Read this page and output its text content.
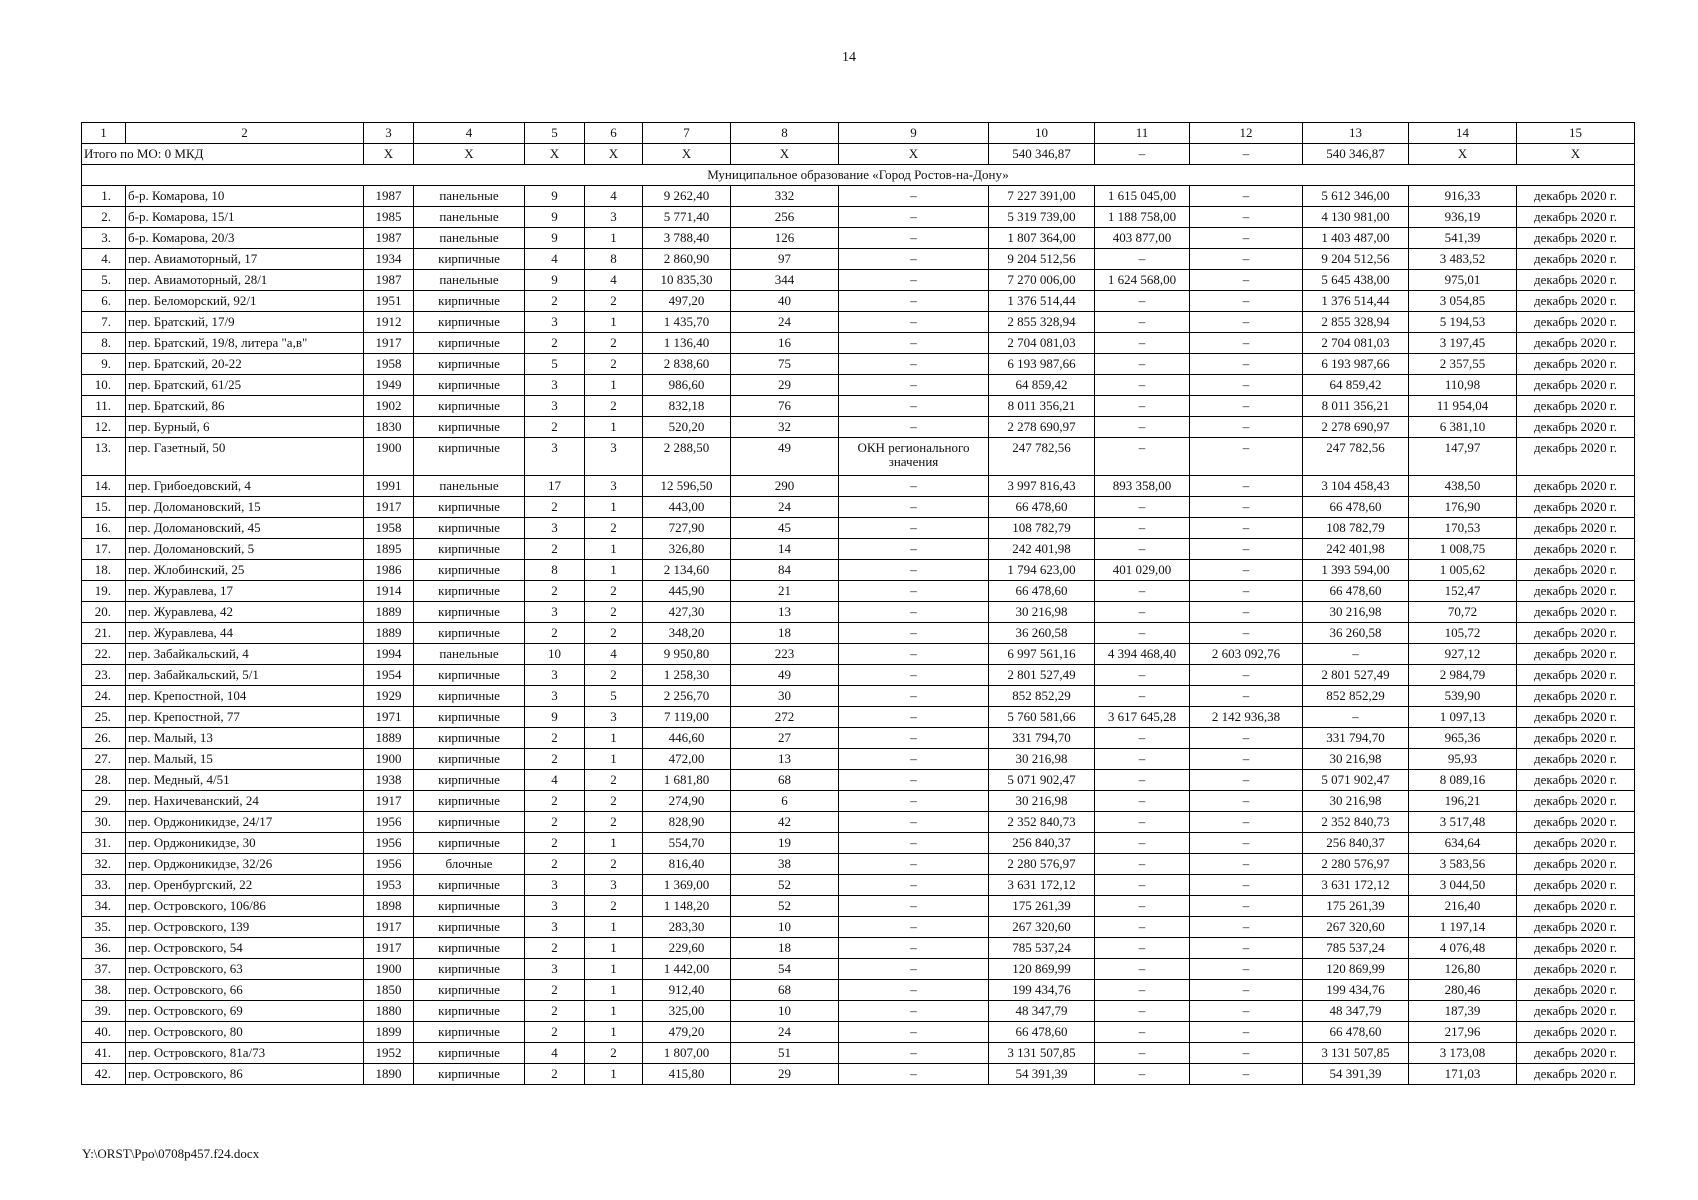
14
1	2	3	4	5	6	7	8	9	10	11	12	13	14	15
Итого по МО: 0 МКД		Х	Х	Х	Х	Х	Х	Х	540 346,87	–	–	540 346,87	Х	Х
Муниципальное образование «Город Ростов-на-Дону»														
1.	б-р. Комарова, 10	1987	панельные	9	4	9 262,40	332	–	7 227 391,00	1 615 045,00	–	5 612 346,00	916,33	декабрь 2020 г.
2.	б-р. Комарова, 15/1	1985	панельные	9	3	5 771,40	256	–	5 319 739,00	1 188 758,00	–	4 130 981,00	936,19	декабрь 2020 г.
3.	б-р. Комарова, 20/3	1987	панельные	9	1	3 788,40	126	–	1 807 364,00	403 877,00	–	1 403 487,00	541,39	декабрь 2020 г.
4.	пер. Авиамоторный, 17	1934	кирпичные	4	8	2 860,90	97	–	9 204 512,56	–	–	9 204 512,56	3 483,52	декабрь 2020 г.
5.	пер. Авиамоторный, 28/1	1987	панельные	9	4	10 835,30	344	–	7 270 006,00	1 624 568,00	–	5 645 438,00	975,01	декабрь 2020 г.
6.	пер. Беломорский, 92/1	1951	кирпичные	2	2	497,20	40	–	1 376 514,44	–	–	1 376 514,44	3 054,85	декабрь 2020 г.
7.	пер. Братский, 17/9	1912	кирпичные	3	1	1 435,70	24	–	2 855 328,94	–	–	2 855 328,94	5 194,53	декабрь 2020 г.
8.	пер. Братский, 19/8, литера "а,в"	1917	кирпичные	2	2	1 136,40	16	–	2 704 081,03	–	–	2 704 081,03	3 197,45	декабрь 2020 г.
9.	пер. Братский, 20-22	1958	кирпичные	5	2	2 838,60	75	–	6 193 987,66	–	–	6 193 987,66	2 357,55	декабрь 2020 г.
10.	пер. Братский, 61/25	1949	кирпичные	3	1	986,60	29	–	64 859,42	–	–	64 859,42	110,98	декабрь 2020 г.
11.	пер. Братский, 86	1902	кирпичные	3	2	832,18	76	–	8 011 356,21	–	–	8 011 356,21	11 954,04	декабрь 2020 г.
12.	пер. Бурный, 6	1830	кирпичные	2	1	520,20	32	–	2 278 690,97	–	–	2 278 690,97	6 381,10	декабрь 2020 г.
13.	пер. Газетный, 50	1900	кирпичные	3	3	2 288,50	49	ОКН регионального значения	247 782,56	–	–	247 782,56	147,97	декабрь 2020 г.
14.	пер. Грибоедовский, 4	1991	панельные	17	3	12 596,50	290	–	3 997 816,43	893 358,00	–	3 104 458,43	438,50	декабрь 2020 г.
15.	пер. Доломановский, 15	1917	кирпичные	2	1	443,00	24	–	66 478,60	–	–	66 478,60	176,90	декабрь 2020 г.
16.	пер. Доломановский, 45	1958	кирпичные	3	2	727,90	45	–	108 782,79	–	–	108 782,79	170,53	декабрь 2020 г.
17.	пер. Доломановский, 5	1895	кирпичные	2	1	326,80	14	–	242 401,98	–	–	242 401,98	1 008,75	декабрь 2020 г.
18.	пер. Жлобинский, 25	1986	кирпичные	8	1	2 134,60	84	–	1 794 623,00	401 029,00	–	1 393 594,00	1 005,62	декабрь 2020 г.
19.	пер. Журавлева, 17	1914	кирпичные	2	2	445,90	21	–	66 478,60	–	–	66 478,60	152,47	декабрь 2020 г.
20.	пер. Журавлева, 42	1889	кирпичные	3	2	427,30	13	–	30 216,98	–	–	30 216,98	70,72	декабрь 2020 г.
21.	пер. Журавлева, 44	1889	кирпичные	2	2	348,20	18	–	36 260,58	–	–	36 260,58	105,72	декабрь 2020 г.
22.	пер. Забайкальский, 4	1994	панельные	10	4	9 950,80	223	–	6 997 561,16	4 394 468,40	2 603 092,76	–	927,12	декабрь 2020 г.
23.	пер. Забайкальский, 5/1	1954	кирпичные	3	2	1 258,30	49	–	2 801 527,49	–	–	2 801 527,49	2 984,79	декабрь 2020 г.
24.	пер. Крепостной, 104	1929	кирпичные	3	5	2 256,70	30	–	852 852,29	–	–	852 852,29	539,90	декабрь 2020 г.
25.	пер. Крепостной, 77	1971	кирпичные	9	3	7 119,00	272	–	5 760 581,66	3 617 645,28	2 142 936,38	–	1 097,13	декабрь 2020 г.
26.	пер. Малый, 13	1889	кирпичные	2	1	446,60	27	–	331 794,70	–	–	331 794,70	965,36	декабрь 2020 г.
27.	пер. Малый, 15	1900	кирпичные	2	1	472,00	13	–	30 216,98	–	–	30 216,98	95,93	декабрь 2020 г.
28.	пер. Медный, 4/51	1938	кирпичные	4	2	1 681,80	68	–	5 071 902,47	–	–	5 071 902,47	8 089,16	декабрь 2020 г.
29.	пер. Нахичеванский, 24	1917	кирпичные	2	2	274,90	6	–	30 216,98	–	–	30 216,98	196,21	декабрь 2020 г.
30.	пер. Орджоникидзе, 24/17	1956	кирпичные	2	2	828,90	42	–	2 352 840,73	–	–	2 352 840,73	3 517,48	декабрь 2020 г.
31.	пер. Орджоникидзе, 30	1956	кирпичные	2	1	554,70	19	–	256 840,37	–	–	256 840,37	634,64	декабрь 2020 г.
32.	пер. Орджоникидзе, 32/26	1956	блочные	2	2	816,40	38	–	2 280 576,97	–	–	2 280 576,97	3 583,56	декабрь 2020 г.
33.	пер. Оренбургский, 22	1953	кирпичные	3	3	1 369,00	52	–	3 631 172,12	–	–	3 631 172,12	3 044,50	декабрь 2020 г.
34.	пер. Островского, 106/86	1898	кирпичные	3	2	1 148,20	52	–	175 261,39	–	–	175 261,39	216,40	декабрь 2020 г.
35.	пер. Островского, 139	1917	кирпичные	3	1	283,30	10	–	267 320,60	–	–	267 320,60	1 197,14	декабрь 2020 г.
36.	пер. Островского, 54	1917	кирпичные	2	1	229,60	18	–	785 537,24	–	–	785 537,24	4 076,48	декабрь 2020 г.
37.	пер. Островского, 63	1900	кирпичные	3	1	1 442,00	54	–	120 869,99	–	–	120 869,99	126,80	декабрь 2020 г.
38.	пер. Островского, 66	1850	кирпичные	2	1	912,40	68	–	199 434,76	–	–	199 434,76	280,46	декабрь 2020 г.
39.	пер. Островского, 69	1880	кирпичные	2	1	325,00	10	–	48 347,79	–	–	48 347,79	187,39	декабрь 2020 г.
40.	пер. Островского, 80	1899	кирпичные	2	1	479,20	24	–	66 478,60	–	–	66 478,60	217,96	декабрь 2020 г.
41.	пер. Островского, 81а/73	1952	кирпичные	4	2	1 807,00	51	–	3 131 507,85	–	–	3 131 507,85	3 173,08	декабрь 2020 г.
42.	пер. Островского, 86	1890	кирпичные	2	1	415,80	29	–	54 391,39	–	–	54 391,39	171,03	декабрь 2020 г.
Y:\ORST\Ppo\0708p457.f24.docx
